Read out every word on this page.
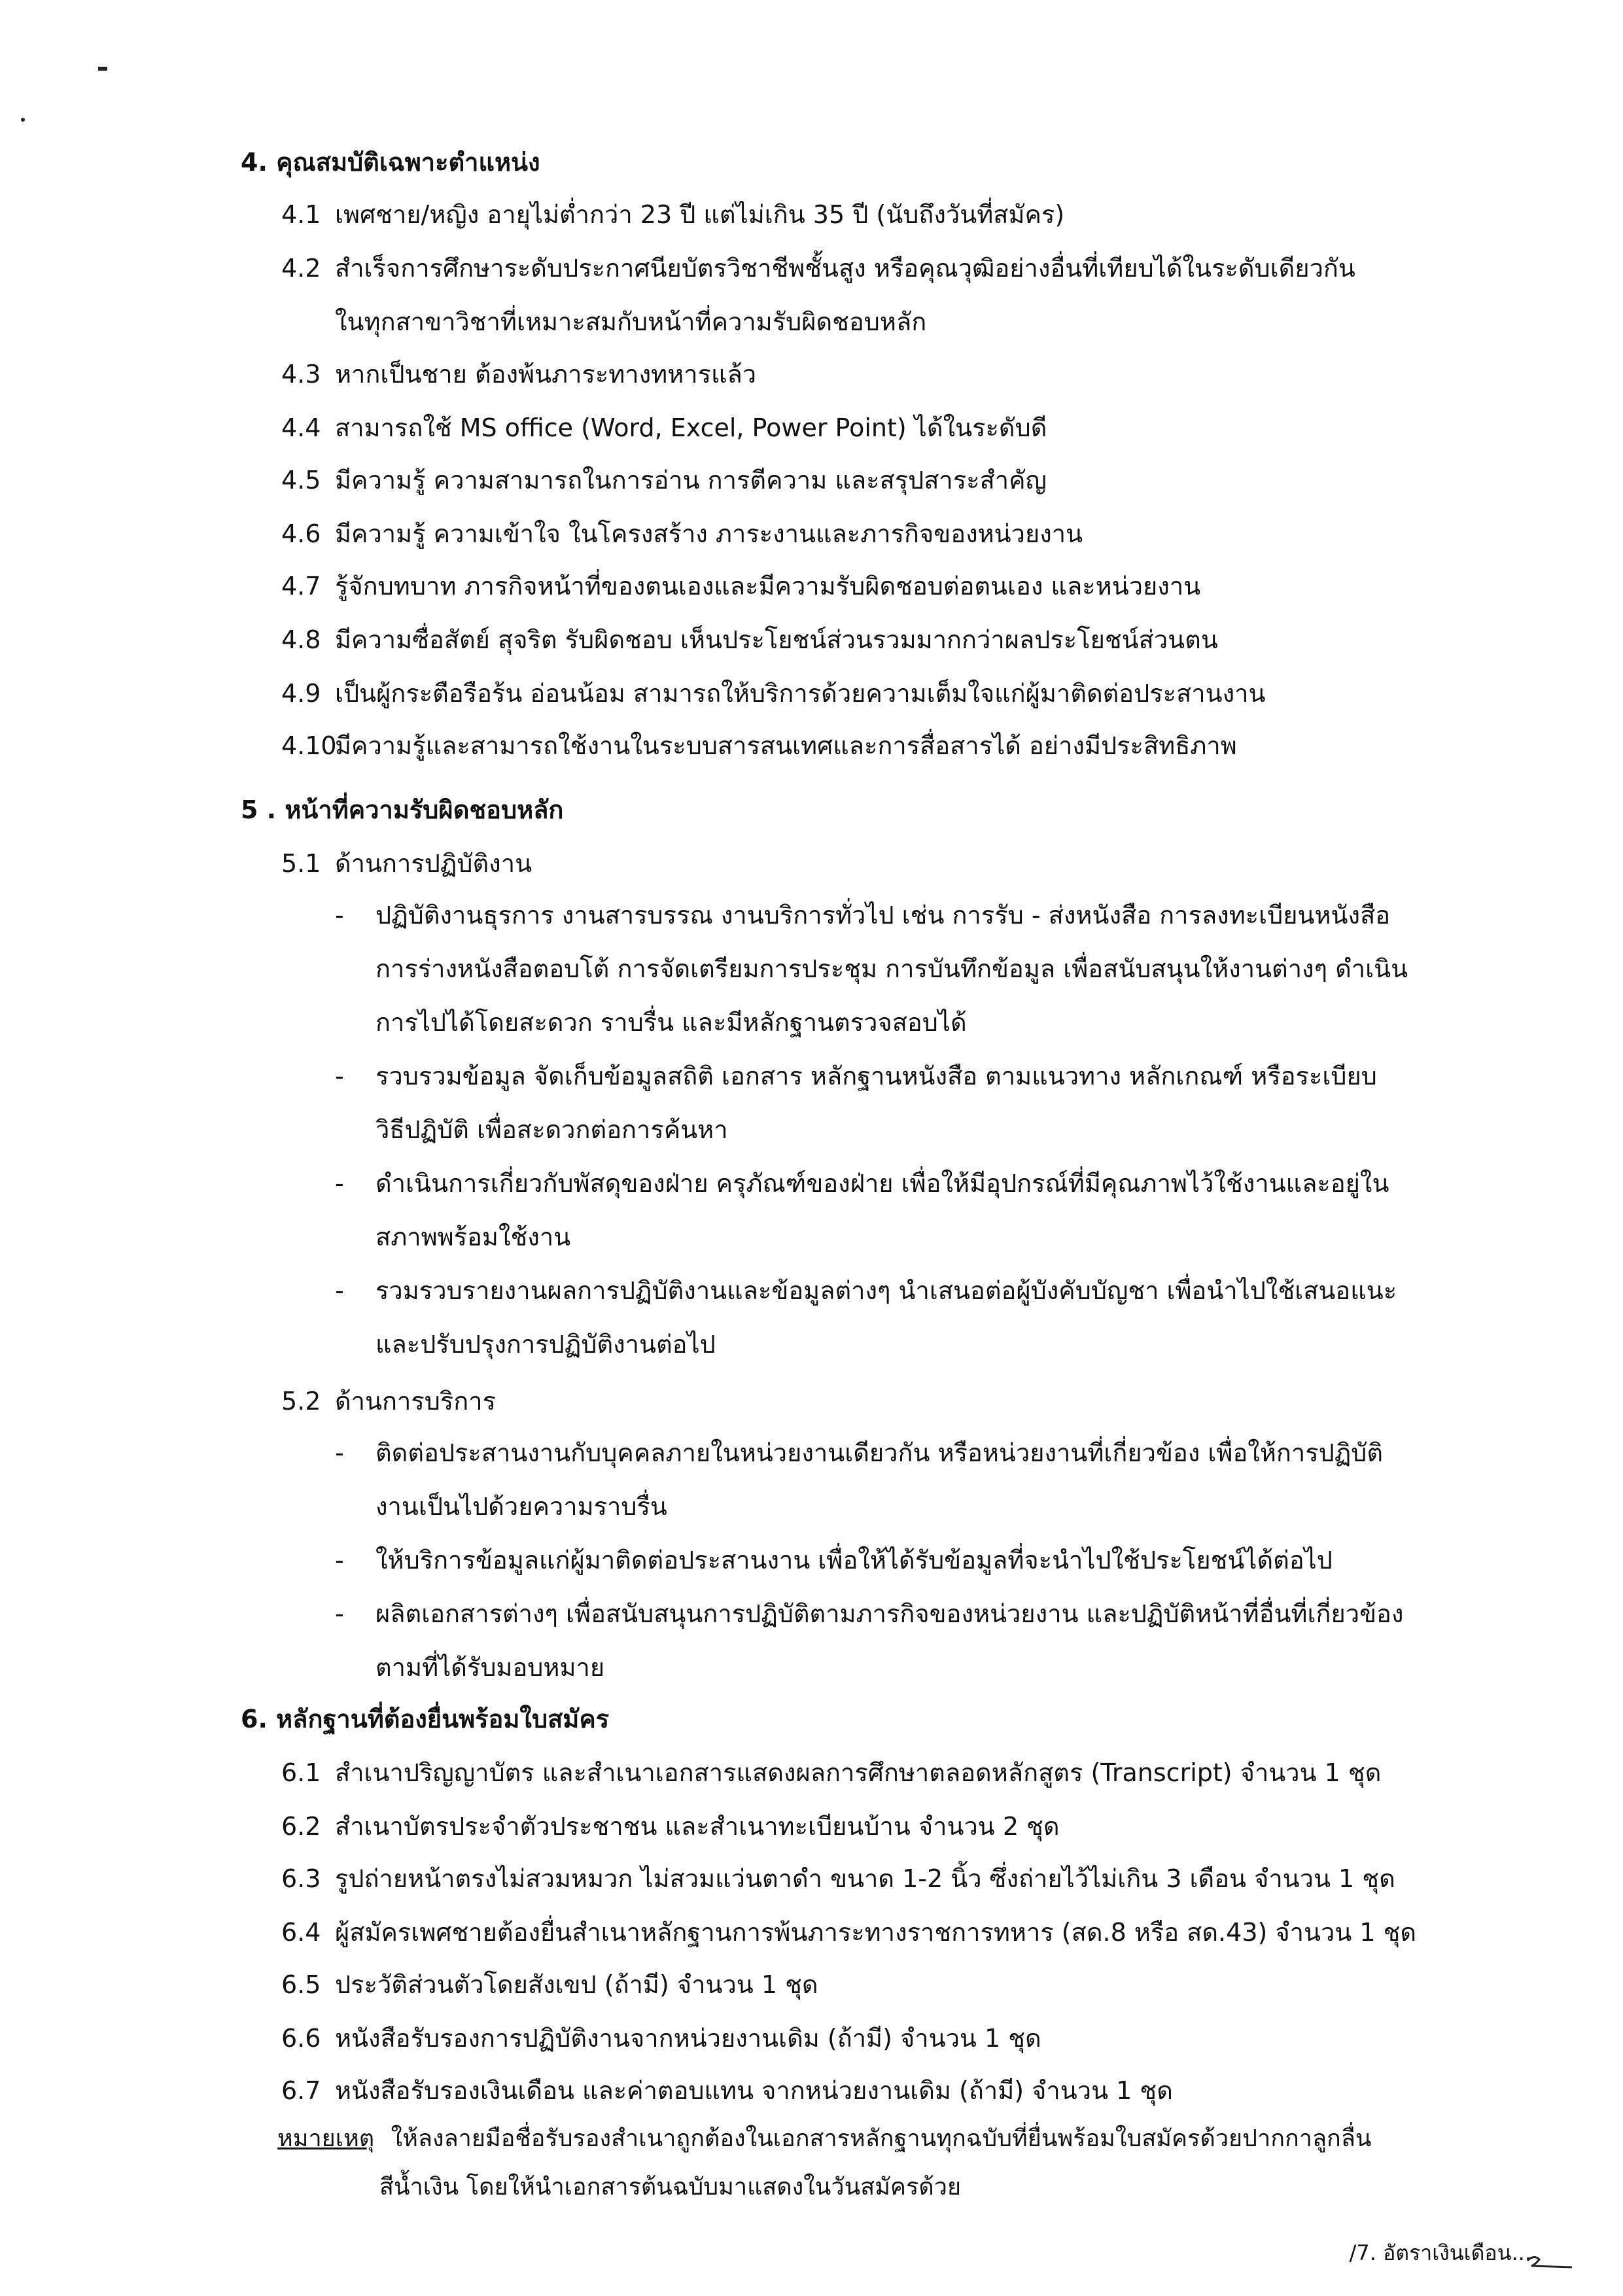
4. คุณสมบัติเฉพาะตำแหน่ง
4.1 เพศชาย/หญิง อายุไม่ต่ำกว่า 23 ปี แต่ไม่เกิน 35 ปี (นับถึงวันที่สมัคร)
4.2 สำเร็จการศึกษาระดับประกาศนียบัตรวิชาชีพชั้นสูง หรือคุณวุฒิอย่างอื่นที่เทียบได้ในระดับเดียวกัน
ในทุกสาขาวิชาที่เหมาะสมกับหน้าที่ความรับผิดชอบหลัก
4.3 หากเป็นชาย ต้องพ้นภาระทางทหารแล้ว
4.4 สามารถใช้ MS office (Word, Excel, Power Point) ได้ในระดับดี
4.5 มีความรู้ ความสามารถในการอ่าน การตีความ และสรุปสาระสำคัญ
4.6 มีความรู้ ความเข้าใจ ในโครงสร้าง ภาระงานและภารกิจของหน่วยงาน
4.7 รู้จักบทบาท ภารกิจหน้าที่ของตนเองและมีความรับผิดชอบต่อตนเอง และหน่วยงาน
4.8 มีความซื่อสัตย์ สุจริต รับผิดชอบ เห็นประโยชน์ส่วนรวมมากกว่าผลประโยชน์ส่วนตน
4.9 เป็นผู้กระตือรือร้น อ่อนน้อม สามารถให้บริการด้วยความเต็มใจแก่ผู้มาติดต่อประสานงาน
4.10มีความรู้และสามารถใช้งานในระบบสารสนเทศและการสื่อสารได้ อย่างมีประสิทธิภาพ
5 . หน้าที่ความรับผิดชอบหลัก
5.1 ด้านการปฏิบัติงาน
- ปฏิบัติงานธุรการ งานสารบรรณ งานบริการทั่วไป เช่น การรับ - ส่งหนังสือ การลงทะเบียนหนังสือ
การร่างหนังสือตอบโต้ การจัดเตรียมการประชุม การบันทึกข้อมูล เพื่อสนับสนุนให้งานต่างๆ ดำเนิน
การไปได้โดยสะดวก ราบรื่น และมีหลักฐานตรวจสอบได้
- รวบรวมข้อมูล จัดเก็บข้อมูลสถิติ เอกสาร หลักฐานหนังสือ ตามแนวทาง หลักเกณฑ์ หรือระเบียบ
วิธีปฏิบัติ เพื่อสะดวกต่อการค้นหา
- ดำเนินการเกี่ยวกับพัสดุของฝ่าย ครุภัณฑ์ของฝ่าย เพื่อให้มีอุปกรณ์ที่มีคุณภาพไว้ใช้งานและอยู่ใน
สภาพพร้อมใช้งาน
- รวมรวบรายงานผลการปฏิบัติงานและข้อมูลต่างๆ นำเสนอต่อผู้บังคับบัญชา เพื่อนำไปใช้เสนอแนะ
และปรับปรุงการปฏิบัติงานต่อไป
5.2 ด้านการบริการ
- ติดต่อประสานงานกับบุคคลภายในหน่วยงานเดียวกัน หรือหน่วยงานที่เกี่ยวข้อง เพื่อให้การปฏิบัติ
งานเป็นไปด้วยความราบรื่น
- ให้บริการข้อมูลแก่ผู้มาติดต่อประสานงาน เพื่อให้ได้รับข้อมูลที่จะนำไปใช้ประโยชน์ได้ต่อไป
- ผลิตเอกสารต่างๆ เพื่อสนับสนุนการปฏิบัติตามภารกิจของหน่วยงาน และปฏิบัติหน้าที่อื่นที่เกี่ยวข้อง
ตามที่ได้รับมอบหมาย
6. หลักฐานที่ต้องยื่นพร้อมใบสมัคร
6.1 สำเนาปริญญาบัตร และสำเนาเอกสารแสดงผลการศึกษาตลอดหลักสูตร (Transcript) จำนวน 1 ชุด
6.2 สำเนาบัตรประจำตัวประชาชน และสำเนาทะเบียนบ้าน จำนวน 2 ชุด
6.3 รูปถ่ายหน้าตรงไม่สวมหมวก ไม่สวมแว่นตาดำ ขนาด 1-2 นิ้ว ซึ่งถ่ายไว้ไม่เกิน 3 เดือน จำนวน 1 ชุด
6.4 ผู้สมัครเพศชายต้องยื่นสำเนาหลักฐานการพ้นภาระทางราชการทหาร (สด.8 หรือ สด.43) จำนวน 1 ชุด
6.5 ประวัติส่วนตัวโดยสังเขป (ถ้ามี) จำนวน 1 ชุด
6.6 หนังสือรับรองการปฏิบัติงานจากหน่วยงานเดิม (ถ้ามี) จำนวน 1 ชุด
6.7 หนังสือรับรองเงินเดือน และค่าตอบแทน จากหน่วยงานเดิม (ถ้ามี) จำนวน 1 ชุด
หมายเหตุ ให้ลงลายมือชื่อรับรองสำเนาถูกต้องในเอกสารหลักฐานทุกฉบับที่ยื่นพร้อมใบสมัครด้วยปากกาลูกลื่น
สีน้ำเงิน โดยให้นำเอกสารต้นฉบับมาแสดงในวันสมัครด้วย
/7. อัตราเงินเดือน...
